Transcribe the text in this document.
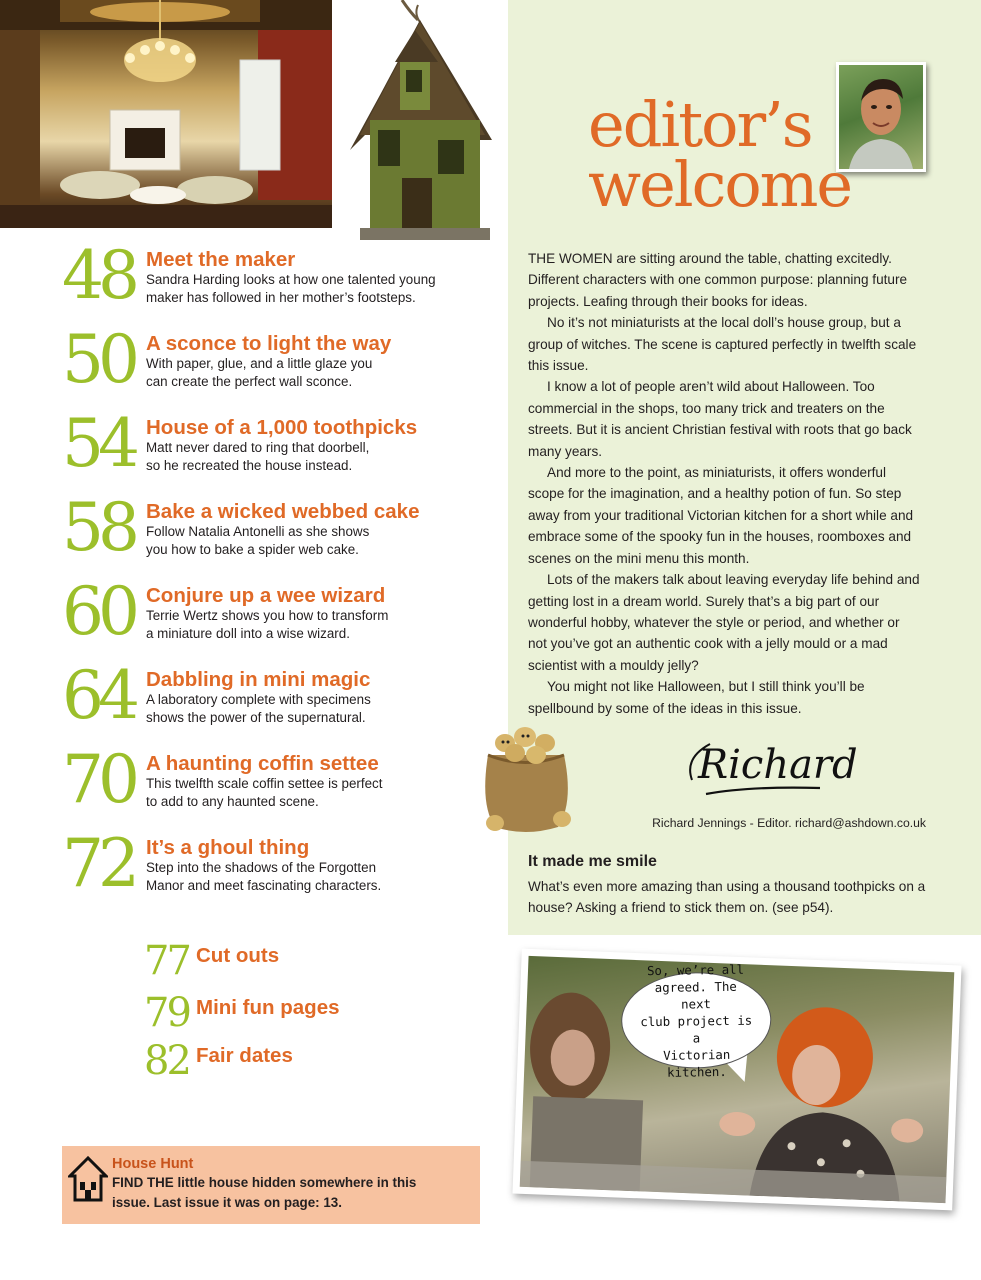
editor’s
welcome

THE WOMEN are sitting around the table, chatting excitedly. Different characters with one common purpose: planning future projects. Leafing through their books for ideas.

No it’s not miniaturists at the local doll’s house group, but a group of witches. The scene is captured perfectly in twelfth scale this issue.

I know a lot of people aren’t wild about Halloween. Too commercial in the shops, too many trick and treaters on the streets. But it is ancient Christian festival with roots that go back many years.

And more to the point, as miniaturists, it offers wonderful scope for the imagination, and a healthy potion of fun. So step away from your traditional Victorian kitchen for a short while and embrace some of the spooky fun in the houses, roomboxes and scenes on the mini menu this month.

Lots of the makers talk about leaving everyday life behind and getting lost in a dream world. Surely that’s a big part of our wonderful hobby, whatever the style or period, and whether or not you’ve got an authentic cook with a jelly mould or a mad scientist with a mouldy jelly?

You might not like Halloween, but I still think you’ll be spellbound by some of the ideas in this issue.

Richard
Richard Jennings - Editor. richard@ashdown.co.uk
It made me smile
What’s even more amazing than using a thousand toothpicks on a house? Asking a friend to stick them on. (see p54).
48 Meet the maker
Sandra Harding looks at how one talented young
maker has followed in her mother’s footsteps.
50 A sconce to light the way
With paper, glue, and a little glaze you
can create the perfect wall sconce.
54 House of a 1,000 toothpicks
Matt never dared to ring that doorbell,
so he recreated the house instead.
58 Bake a wicked webbed cake
Follow Natalia Antonelli as she shows
you how to bake a spider web cake.
60 Conjure up a wee wizard
Terrie Wertz shows you how to transform
a miniature doll into a wise wizard.
64 Dabbling in mini magic
A laboratory complete with specimens
shows the power of the supernatural.
70 A haunting coffin settee
This twelfth scale coffin settee is perfect
to add to any haunted scene.
72 It’s a ghoul thing
Step into the shadows of the Forgotten
Manor and meet fascinating characters.
77 Cut outs
79 Mini fun pages
82 Fair dates
House Hunt
FIND THE little house hidden somewhere in this
issue. Last issue it was on page: 13.
So, we’re all
agreed. The next
club project is a
Victorian kitchen.
